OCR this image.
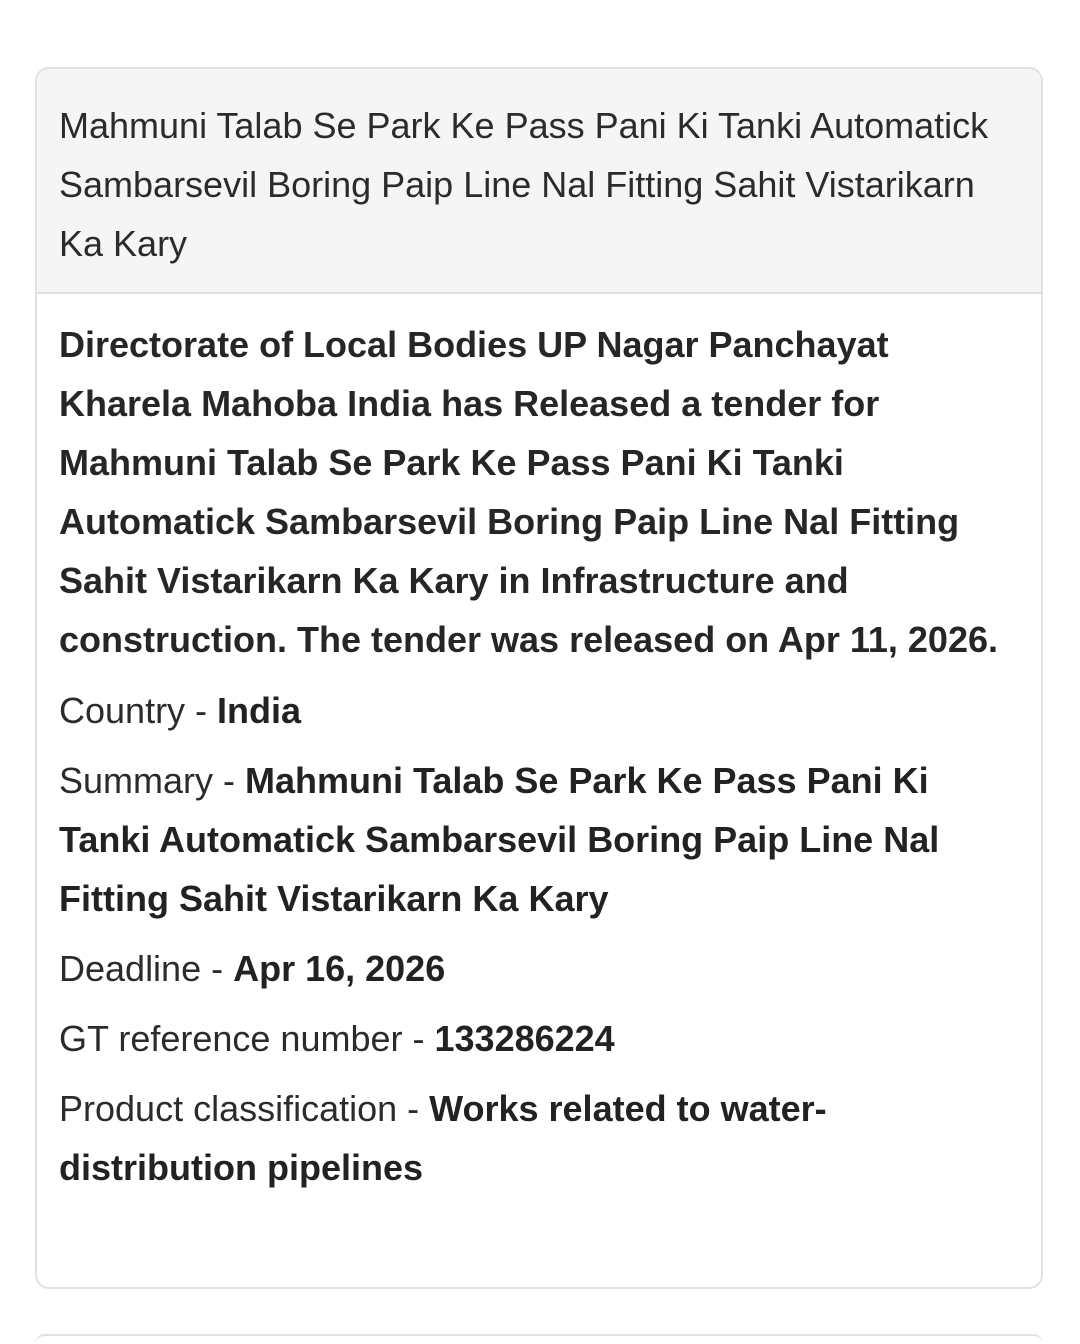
Mahmuni Talab Se Park Ke Pass Pani Ki Tanki Automatick Sambarsevil Boring Paip Line Nal Fitting Sahit Vistarikarn Ka Kary

Directorate of Local Bodies UP Nagar Panchayat Kharela Mahoba India has Released a tender for Mahmuni Talab Se Park Ke Pass Pani Ki Tanki Automatick Sambarsevil Boring Paip Line Nal Fitting Sahit Vistarikarn Ka Kary in Infrastructure and construction. The tender was released on Apr 11, 2026.

Country - India
Summary - Mahmuni Talab Se Park Ke Pass Pani Ki Tanki Automatick Sambarsevil Boring Paip Line Nal Fitting Sahit Vistarikarn Ka Kary
Deadline - Apr 16, 2026
GT reference number - 133286224
Product classification - Works related to water-distribution pipelines
